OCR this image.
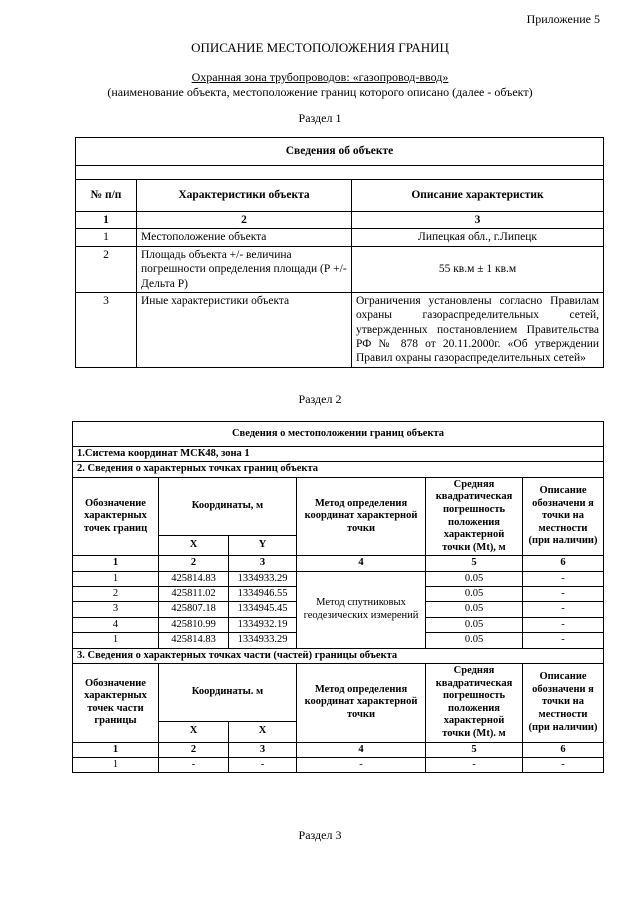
Приложение 5
ОПИСАНИЕ МЕСТОПОЛОЖЕНИЯ ГРАНИЦ
Охранная зона трубопроводов: «газопровод-ввод»
(наименование объекта, местоположение границ которого описано (далее - объект)
Раздел 1
Сведения об объекте		

№ п/п	Характеристики объекта	Описание характеристик
1	2	3
1	Местоположение объекта	Липецкая обл., г.Липецк
2	Площадь объекта +/- величина погрешности определения площади (Р +/- Дельта Р)	55 кв.м ± 1 кв.м
3	Иные характеристики объекта	Ограничения установлены согласно Правилам охраны газораспределительных сетей, утвержденных постановлением Правительства РФ № 878 от 20.11.2000г. «Об утверждении Правил охраны газораспределительных сетей»
Раздел 2
Сведения о местоположении границ объекта					
1.Система координат МСК48, зона 1					
2. Сведения о характерных точках границ объекта					
Обозначение характерных точек границ	Координаты, м		Метод определения координат характерной точки	Средняя квадратическая погрешность положения характерной точки (Mt), м	Описание обозначени я точки на местности (при наличии)
	X	Y			
1	2	3	4	5	6
1	425814.83	1334933.29	Метод спутниковых геодезических измерений	0.05	-
2	425811.02	1334946.55		0.05	-
3	425807.18	1334945.45		0.05	-
4	425810.99	1334932.19		0.05	-
1	425814.83	1334933.29		0.05	-
3. Сведения о характерных точках части (частей) границы объекта					
Обозначение характерных точек части границы	Координаты. м		Метод определения координат характерной точки	Средняя квадратическая погрешность положения характерной точки (Mt). м	Описание обозначени я точки на местности (при наличии)
	X	X			
1	2	3	4	5	6
1	-	-	-	-	-
Раздел 3
